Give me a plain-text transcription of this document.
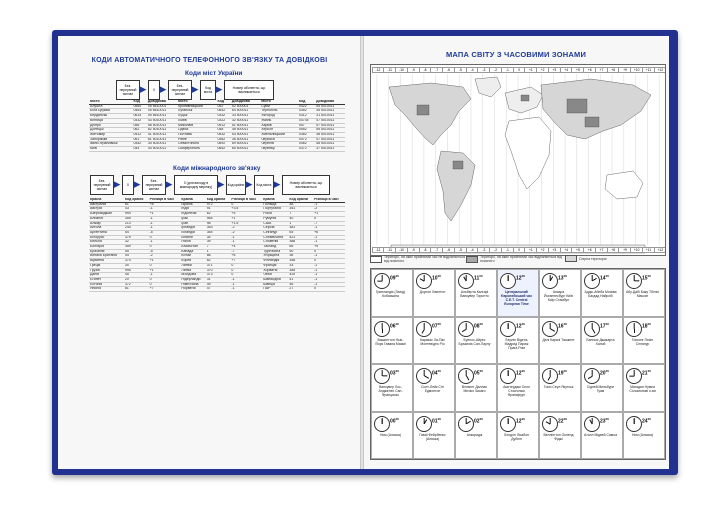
КОДИ АВТОМАТИЧНОГО ТЕЛЕФОННОГО ЗВ'ЯЗКУ ТА ДОВІДКОВІ
Коди міст України
Без-перервний сигнал ▶	0 ▶	Без-перервний сигнал ▶	Код міста ▶	Номер абонента, що викликається
Місто	Код	Довідкова	Місто	Код	Довідкова	Місто	Код	Довідкова
Алушта	0560	05 6610001	Кропивницький	052	52 500001	Суми	0422	54 5010011
Біла Церква	0463	05 6610011	Луганськ	0642	64 500011	Тернопіль	0352	35 5010011
Бердянськ	0614	05 6610011	Луцьк	0332	33 500011	Ужгород	0312	31 5010011
Вінниця	0432	43 5010011	Львів	0322	32 500011	Умань	04744	47 5010011
Дніпро	056	56 5010011	Миколаїв	0512	51 500011	Харків	057	57 5010011
Донецьк	062	62 5010011	Одеса	048	48 500011	Херсон	0552	55 5010011
Житомир	0412	41 5010011	Полтава	0532	53 500011	Хмельницький	0382	38 5010011
Запоріжжя	061	61 5010011	Рівне	0362	36 500011	Черкаси	0472	47 5010011
Івано-Франківськ	0342	34 5010011	Севастополь	0692	69 500011	Чернігів	0462	46 5010011
Київ	044	44 5010011	Сімферополь	0652	65 500011	Чернівці	0372	37 5010011
Коди міжнародного зв'язку
Без-перервний сигнал ▶	0 ▶	Без-перервний сигнал ▶	0 (для виходу в міжнародну мережу) ▶ Код країни ▶	Код міста ▶	Номер абонента, що викликається
Країна	Код країни	Різниця в часі	Країна	Код країни	Різниця в часі	Країна	Код країни	Різниця в часі
Австралія	61	+8	Ізраїль	972	0	Польща	48	-1
Австрія	43	-1	Індія	91	+3.5	Португалія	351	-2
Азербайджан	994	+1	Індонезія	62	+5	Росія	7	+1
Албанія	355	-1	Ірак	964	+1	Румунія	40	0
Алжир	213	-1	Іран	98	+1.5	США	1	-7
Ангола	244	-1	Ірландія	353	-2	Сербія	381	-1
Аргентина	54	-5	Ісландія	354	-2	Сінгапур	65	+6
Білорусь	375	0	Іспанія	34	-1	Словаччина	421	-1
Бельгія	32	-1	Італія	39	-1	Словенія	386	-1
Болгарія	359	0	Казахстан	7	+4	Таїланд	66	+5
Бразилія	55	-5	Канада	1	-7	Туреччина	90	0
Велика Британія	44	-2	Китай	86	+6	Угорщина	36	-1
Вірменія	374	+1	Корея	82	+7	Фінляндія	358	0
Греція	30	0	Латвія	371	0	Франція	33	-1
Грузія	995	+1	Литва	370	0	Хорватія	385	-1
Данія	45	-1	Молдова	373	0	Чехія	420	-1
Єгипет	20	0	Нідерланди	31	-1	Швейцарія	41	-1
Естонія	372	0	Німеччина	49	-1	Швеція	46	-1
Японія	81	+7	Норвегія	47	-1	ПАР	27	0
МАПА СВІТУ З ЧАСОВИМИ ЗОНАМИ
-12	-11	-10	-9	-8	-7	-6	-5	-4	-3	-2	-1	0	+1	+2	+3	+4	+5	+6	+7	+8	+9	+10	+11	+12
-12	-11	-10	-9	-8	-7	-6	-5	-4	-3	-2	-1	0	+1	+2	+3	+4	+5	+6	+7	+8	+9	+10	+11	+12
Території, на яких прийнятий час не відрізняється від поясного
Території, на яких прийнятий час відрізняється від поясного
Спірна територія
$09^{00}$
Гринландія (Захід) Кобаяшіна
$10^{00}$
Доусон Хімілтон
$11^{00}$
Альберта Калгарі Ванкувер Торонто
$12^{00}$
Центральний Європейський час C.E.T. Central European Time
$13^{00}$
Анкара Йоганнесбург Київ Каїр Стамбул
$14^{00}$
Аддіс-Абеба Москва Багдад Найробі
$15^{00}$
Абу-Дабі Баку Тбілісі Маскат
$06^{00}$
Вашингтон Нью-Йорк Гавана Маямі
$07^{00}$
Каракас Ла-Пас Монтевідео Ріо
$08^{00}$
Буенос-Айрес Бразиліа Сан-Паулу
$12^{00}$
Берлін Відень Мадрид Париж Прага Рим
$16^{00}$
Делі Карачі Ташкент
$17^{00}$
Бангкок Джакарта Ханой
$18^{00}$
Гонконг Пекін Сінгапур
$03^{00}$
Ванкувер Лос-Анджелес Сан-Франциско
$04^{00}$
Солт-Лейк Сіті Едмонтон
$05^{00}$
Вінніпег Даллас Мехіко Чикаго
$12^{00}$
Амстердам Осло Стокгольм Франкфурт
$19^{00}$
Токіо Сеул Якутськ
$20^{00}$
Сідней Мельбурн Гуам
$21^{00}$
Магадан Нумеа Соломонові о-ви
$00^{00}$
Ном (Аляска)
$01^{00}$
Гаваї Фейрбенкс (Аляска)
$02^{00}$
Анкоридж
$12^{00}$
Лондон Лісабон Дублін
$22^{00}$
Веллінгтон Окленд Фіджі
$23^{00}$
Атолл Мідвей Самоа
$24^{00}$
Ном (Аляска)
